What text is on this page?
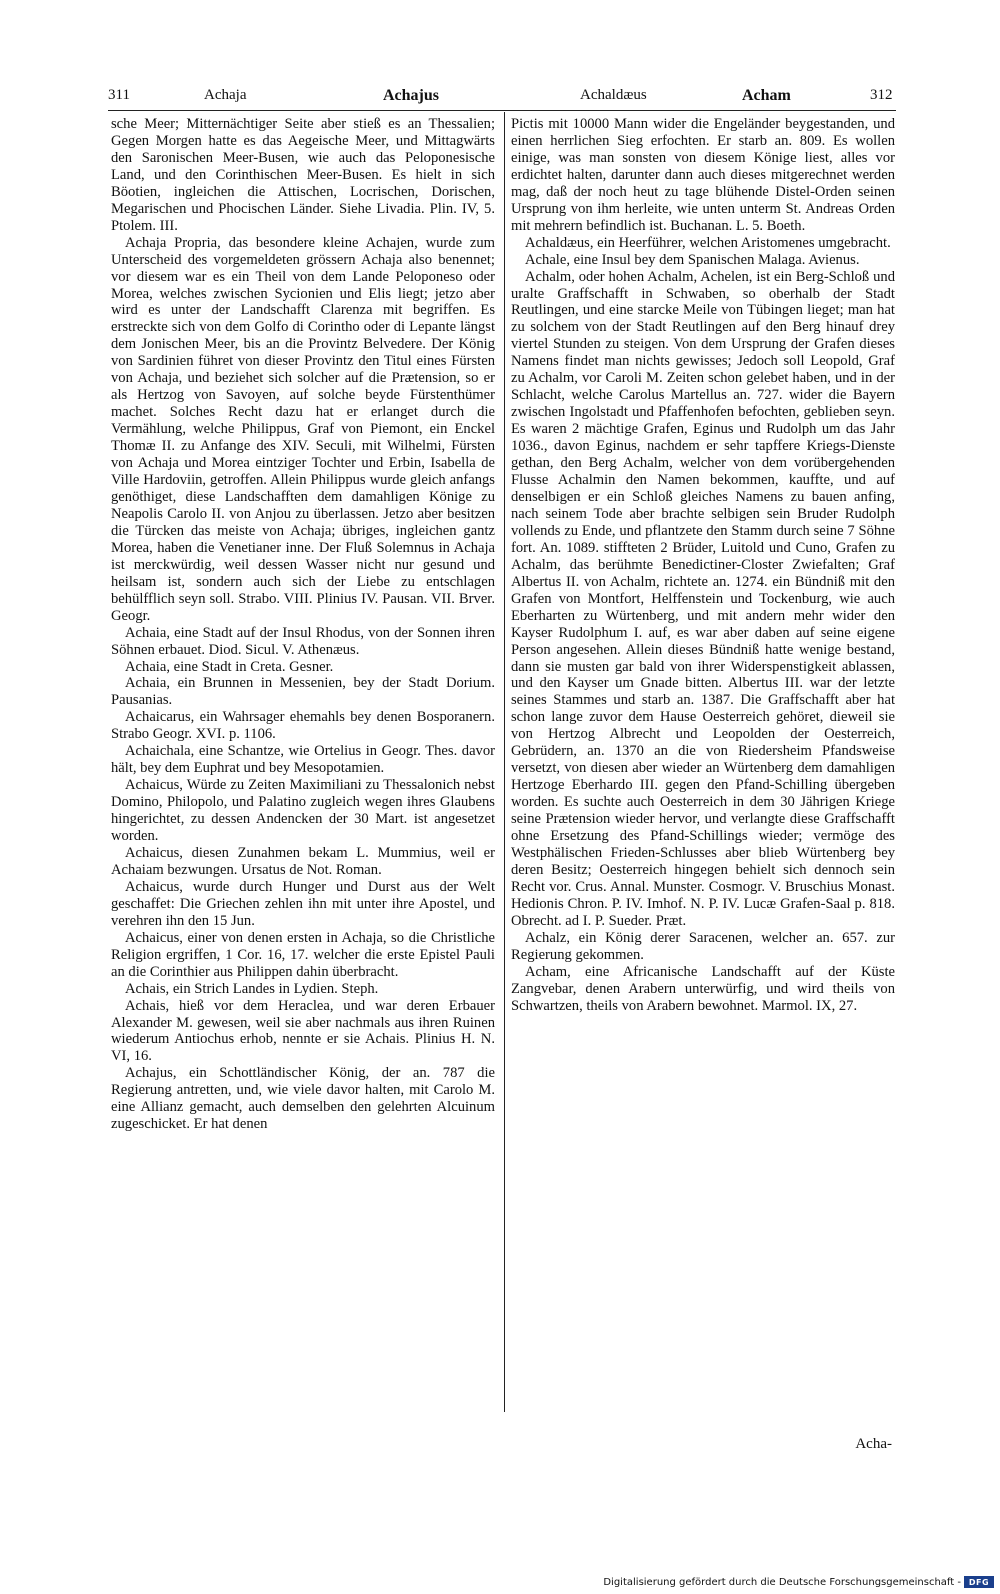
311	Achaja	Achajus	Achaldæus	Acham	312

sche Meer; Mitternächtiger Seite aber stieß es an Thessalien; Gegen Morgen hatte es das Aegeische Meer, und Mittagwärts den Saronischen Meer-Busen, wie auch das Peloponesische Land, und den Corinthischen Meer-Busen. Es hielt in sich Böotien, ingleichen die Attischen, Locrischen, Dorischen, Megarischen und Phocischen Länder. Siehe Livadia. Plin. IV, 5. Ptolem. III.

Achaja Propria, das besondere kleine Achajen, wurde zum Unterscheid des vorgemeldeten grössern Achaja also benennet; vor diesem war es ein Theil von dem Lande Peloponeso oder Morea, welches zwischen Sycionien und Elis liegt; jetzo aber wird es unter der Landschafft Clarenza mit begriffen. Es erstreckte sich von dem Golfo di Corintho oder di Lepante längst dem Jonischen Meer, bis an die Provintz Belvedere. Der König von Sardinien führet von dieser Provintz den Titul eines Fürsten von Achaja, und beziehet sich solcher auf die Prætension, so er als Hertzog von Savoyen, auf solche beyde Fürstenthümer machet. Solches Recht dazu hat er erlanget durch die Vermählung, welche Philippus, Graf von Piemont, ein Enckel Thomæ II. zu Anfange des XIV. Seculi, mit Wilhelmi, Fürsten von Achaja und Morea eintziger Tochter und Erbin, Isabella de Ville Hardoviin, getroffen. Allein Philippus wurde gleich anfangs genöthiget, diese Landschafften dem damahligen Könige zu Neapolis Carolo II. von Anjou zu überlassen. Jetzo aber besitzen die Türcken das meiste von Achaja; übriges, ingleichen gantz Morea, haben die Venetianer inne. Der Fluß Solemnus in Achaja ist merckwürdig, weil dessen Wasser nicht nur gesund und heilsam ist, sondern auch sich der Liebe zu entschlagen behülfflich seyn soll. Strabo. VIII. Plinius IV. Pausan. VII. Brver. Geogr.

Achaia, eine Stadt auf der Insul Rhodus, von der Sonnen ihren Söhnen erbauet. Diod. Sicul. V. Athenæus.

Achaia, eine Stadt in Creta. Gesner.

Achaia, ein Brunnen in Messenien, bey der Stadt Dorium. Pausanias.

Achaicarus, ein Wahrsager ehemahls bey denen Bosporanern. Strabo Geogr. XVI. p. 1106.

Achaichala, eine Schantze, wie Ortelius in Geogr. Thes. davor hält, bey dem Euphrat und bey Mesopotamien.

Achaicus, Würde zu Zeiten Maximiliani zu Thessalonich nebst Domino, Philopolo, und Palatino zugleich wegen ihres Glaubens hingerichtet, zu dessen Andencken der 30 Mart. ist angesetzet worden.

Achaicus, diesen Zunahmen bekam L. Mummius, weil er Achaiam bezwungen. Ursatus de Not. Roman.

Achaicus, wurde durch Hunger und Durst aus der Welt geschaffet: Die Griechen zehlen ihn mit unter ihre Apostel, und verehren ihn den 15 Jun.

Achaicus, einer von denen ersten in Achaja, so die Christliche Religion ergriffen, 1 Cor. 16, 17. welcher die erste Epistel Pauli an die Corinthier aus Philippen dahin überbracht.

Achais, ein Strich Landes in Lydien. Steph.

Achais, hieß vor dem Heraclea, und war deren Erbauer Alexander M. gewesen, weil sie aber nachmals aus ihren Ruinen wiederum Antiochus erhob, nennte er sie Achais. Plinius H. N. VI, 16.

Achajus, ein Schottländischer König, der an. 787 die Regierung antretten, und, wie viele davor halten, mit Carolo M. eine Allianz gemacht, auch demselben den gelehrten Alcuinum zugeschicket. Er hat denen

Pictis mit 10000 Mann wider die Engeländer beygestanden, und einen herrlichen Sieg erfochten. Er starb an. 809. Es wollen einige, was man sonsten von diesem Könige liest, alles vor erdichtet halten, darunter dann auch dieses mitgerechnet werden mag, daß der noch heut zu tage blühende Distel-Orden seinen Ursprung von ihm herleite, wie unten unterm St. Andreas Orden mit mehrern befindlich ist. Buchanan. L. 5. Boeth.

Achaldæus, ein Heerführer, welchen Aristomenes umgebracht.

Achale, eine Insul bey dem Spanischen Malaga. Avienus.

Achalm, oder hohen Achalm, Achelen, ist ein Berg-Schloß und uralte Graffschafft in Schwaben, so oberhalb der Stadt Reutlingen, und eine starcke Meile von Tübingen lieget; man hat zu solchem von der Stadt Reutlingen auf den Berg hinauf drey viertel Stunden zu steigen. Von dem Ursprung der Grafen dieses Namens findet man nichts gewisses; Jedoch soll Leopold, Graf zu Achalm, vor Caroli M. Zeiten schon gelebet haben, und in der Schlacht, welche Carolus Martellus an. 727. wider die Bayern zwischen Ingolstadt und Pfaffenhofen befochten, geblieben seyn. Es waren 2 mächtige Grafen, Eginus und Rudolph um das Jahr 1036., davon Eginus, nachdem er sehr tapffere Kriegs-Dienste gethan, den Berg Achalm, welcher von dem vorübergehenden Flusse Achalmin den Namen bekommen, kauffte, und auf denselbigen er ein Schloß gleiches Namens zu bauen anfing, nach seinem Tode aber brachte selbigen sein Bruder Rudolph vollends zu Ende, und pflantzete den Stamm durch seine 7 Söhne fort. An. 1089. stiffteten 2 Brüder, Luitold und Cuno, Grafen zu Achalm, das berühmte Benedictiner-Closter Zwiefalten; Graf Albertus II. von Achalm, richtete an. 1274. ein Bündniß mit den Grafen von Montfort, Helffenstein und Tockenburg, wie auch Eberharten zu Würtenberg, und mit andern mehr wider den Kayser Rudolphum I. auf, es war aber daben auf seine eigene Person angesehen. Allein dieses Bündniß hatte wenige bestand, dann sie musten gar bald von ihrer Widerspenstigkeit ablassen, und den Kayser um Gnade bitten. Albertus III. war der letzte seines Stammes und starb an. 1387. Die Graffschafft aber hat schon lange zuvor dem Hause Oesterreich gehöret, dieweil sie von Hertzog Albrecht und Leopolden der Oesterreich, Gebrüdern, an. 1370 an die von Riedersheim Pfandsweise versetzt, von diesen aber wieder an Würtenberg dem damahligen Hertzoge Eberhardo III. gegen den Pfand-Schilling übergeben worden. Es suchte auch Oesterreich in dem 30 Jährigen Kriege seine Prætension wieder hervor, und verlangte diese Graffschafft ohne Ersetzung des Pfand-Schillings wieder; vermöge des Westphälischen Frieden-Schlusses aber blieb Würtenberg bey deren Besitz; Oesterreich hingegen behielt sich dennoch sein Recht vor. Crus. Annal. Munster. Cosmogr. V. Bruschius Monast. Hedionis Chron. P. IV. Imhof. N. P. IV. Lucæ Grafen-Saal p. 818. Obrecht. ad I. P. Sueder. Præt.

Achalz, ein König derer Saracenen, welcher an. 657. zur Regierung gekommen.

Acham, eine Africanische Landschafft auf der Küste Zangvebar, denen Arabern unterwürfig, und wird theils von Schwartzen, theils von Arabern bewohnet. Marmol. IX, 27.

Acha-
Digitalisierung gefördert durch die Deutsche Forschungsgemeinschaft - DFG
